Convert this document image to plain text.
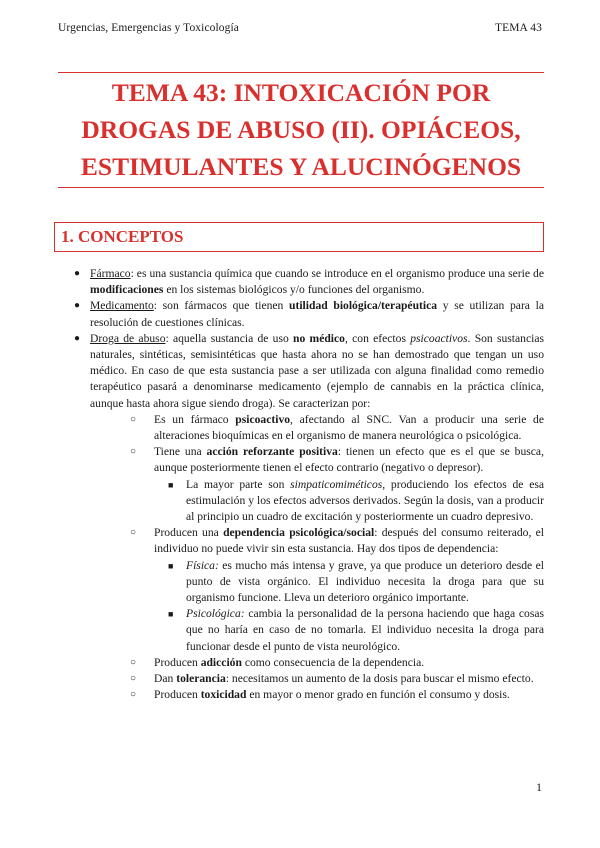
Urgencias, Emergencias y Toxicología	TEMA 43
TEMA 43: INTOXICACIÓN POR
DROGAS DE ABUSO (II). OPIÁCEOS,
ESTIMULANTES Y ALUCINÓGENOS
1. CONCEPTOS
● Fármaco: es una sustancia química que cuando se introduce en el organismo produce una serie de modificaciones en los sistemas biológicos y/o funciones del organismo.
● Medicamento: son fármacos que tienen utilidad biológica/terapéutica y se utilizan para la resolución de cuestiones clínicas.
● Droga de abuso: aquella sustancia de uso no médico, con efectos psicoactivos. Son sustancias naturales, sintéticas, semisintéticas que hasta ahora no se han demostrado que tengan un uso médico. En caso de que esta sustancia pase a ser utilizada con alguna finalidad como remedio terapéutico pasará a denominarse medicamento (ejemplo de cannabis en la práctica clínica, aunque hasta ahora sigue siendo droga). Se caracterizan por:
○ Es un fármaco psicoactivo, afectando al SNC. Van a producir una serie de alteraciones bioquímicas en el organismo de manera neurológica o psicológica.
○ Tiene una acción reforzante positiva: tienen un efecto que es el que se busca, aunque posteriormente tienen el efecto contrario (negativo o depresor).
■ La mayor parte son simpaticomiméticos, produciendo los efectos de esa estimulación y los efectos adversos derivados. Según la dosis, van a producir al principio un cuadro de excitación y posteriormente un cuadro depresivo.
○ Producen una dependencia psicológica/social: después del consumo reiterado, el individuo no puede vivir sin esta sustancia. Hay dos tipos de dependencia:
■ Física: es mucho más intensa y grave, ya que produce un deterioro desde el punto de vista orgánico. El individuo necesita la droga para que su organismo funcione. Lleva un deterioro orgánico importante.
■ Psicológica: cambia la personalidad de la persona haciendo que haga cosas que no haría en caso de no tomarla. El individuo necesita la droga para funcionar desde el punto de vista neurológico.
○ Producen adicción como consecuencia de la dependencia.
○ Dan tolerancia: necesitamos un aumento de la dosis para buscar el mismo efecto.
○ Producen toxicidad en mayor o menor grado en función el consumo y dosis.
1
